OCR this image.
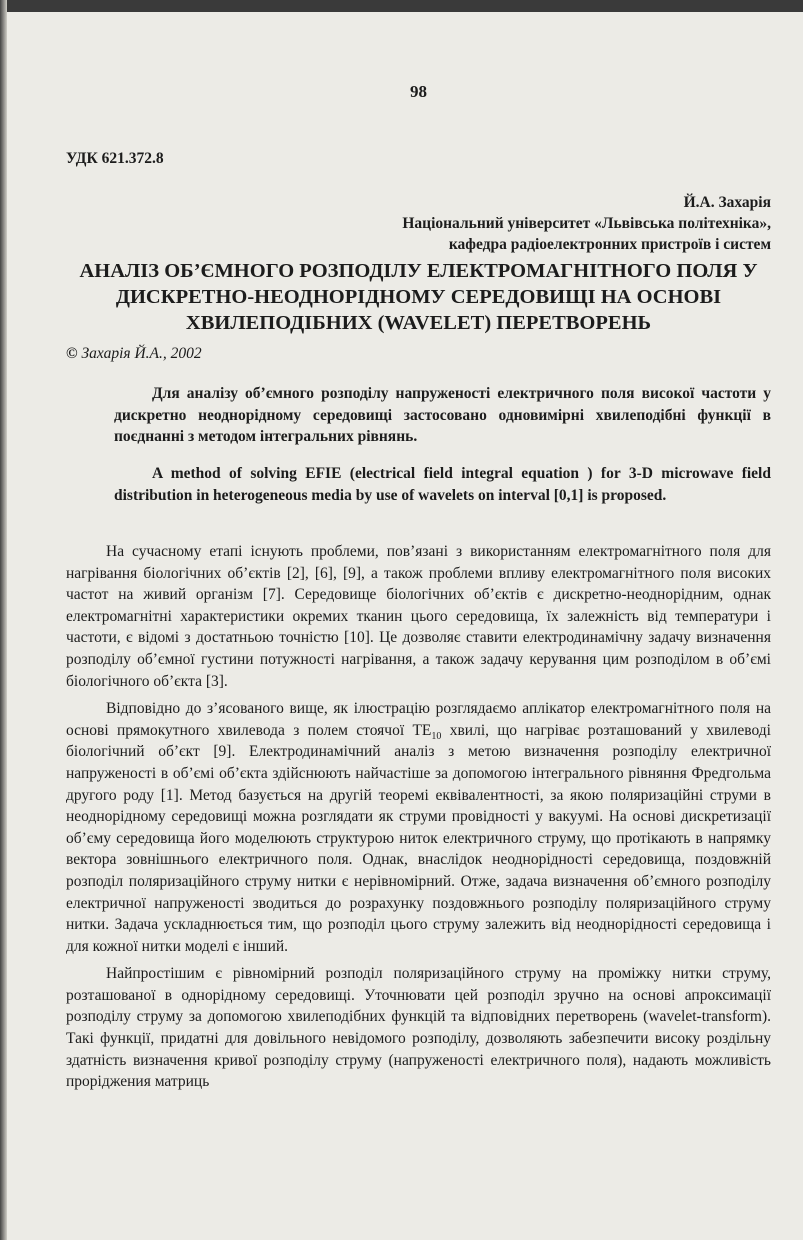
98
УДК 621.372.8
Й.А. Захарія
Національний університет «Львівська політехніка»,
кафедра радіоелектронних пристроїв і систем
АНАЛІЗ ОБ’ЄМНОГО РОЗПОДІЛУ ЕЛЕКТРОМАГНІТНОГО ПОЛЯ У
ДИСКРЕТНО-НЕОДНОРІДНОМУ СЕРЕДОВИЩІ НА ОСНОВІ
ХВИЛЕПОДІБНИХ (WAVELET) ПЕРЕТВОРЕНЬ
© Захарія Й.А., 2002
Для аналізу об’ємного розподілу напруженості електричного поля високої частоти у дискретно неоднорідному середовищі застосовано одновимірні хвилеподібні функції в поєднанні з методом інтегральних рівнянь.
A method of solving EFIE (electrical field integral equation ) for 3-D microwave field distribution in heterogeneous media by use of wavelets on interval [0,1] is proposed.

На сучасному етапі існують проблеми, пов’язані з використанням електромагнітного поля для нагрівання біологічних об’єктів [2], [6], [9], а також проблеми впливу електромагнітного поля високих частот на живий організм [7]. Середовище біологічних об’єктів є дискретно-неоднорідним, однак електромагнітні характеристики окремих тканин цього середовища, їх залежність від температури і частоти, є відомі з достатньою точністю [10]. Це дозволяє ставити електродинамічну задачу визначення розподілу об’ємної густини потужності нагрівання, а також задачу керування цим розподілом в об’ємі біологічного об’єкта [3].

Відповідно до з’ясованого вище, як ілюстрацію розглядаємо аплікатор електромагнітного поля на основі прямокутного хвилевода з полем стоячої $TE_{10}$ хвилі, що нагріває розташований у хвилеводі біологічний об’єкт [9]. Електродинамічний аналіз з метою визначення розподілу електричної напруженості в об’ємі об’єкта здійснюють найчастіше за допомогою інтегрального рівняння Фредгольма другого роду [1]. Метод базується на другій теоремі еквівалентності, за якою поляризаційні струми в неоднорідному середовищі можна розглядати як струми провідності у вакуумі. На основі дискретизації об’єму середовища його моделюють структурою ниток електричного струму, що протікають в напрямку вектора зовнішнього електричного поля. Однак, внаслідок неоднорідності середовища, поздовжній розподіл поляризаційного струму нитки є нерівномірний. Отже, задача визначення об’ємного розподілу електричної напруженості зводиться до розрахунку поздовжнього розподілу поляризаційного струму нитки. Задача ускладнюється тим, що розподіл цього струму залежить від неоднорідності середовища і для кожної нитки моделі є інший.

Найпростішим є рівномірний розподіл поляризаційного струму на проміжку нитки струму, розташованої в однорідному середовищі. Уточнювати цей розподіл зручно на основі апроксимації розподілу струму за допомогою хвилеподібних функцій та відповідних перетворень (wavelet-transform). Такі функції, придатні для довільного невідомого розподілу, дозволяють забезпечити високу роздільну здатність визначення кривої розподілу струму (напруженості електричного поля), надають можливість проріджения матриць
